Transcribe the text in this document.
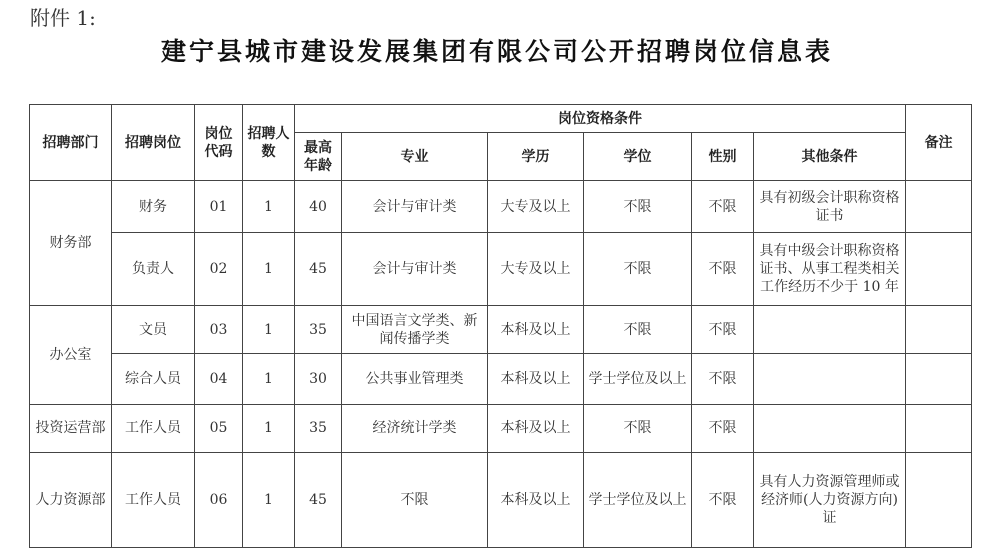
附件 1:
建宁县城市建设发展集团有限公司公开招聘岗位信息表
招聘部门	招聘岗位	岗位代码	招聘人数	岗位资格条件						备注
				最高年龄	专业	学历	学位	性别	其他条件	
财务部	财务	01	1	40	会计与审计类	大专及以上	不限	不限	具有初级会计职称资格证书	
	负责人	02	1	45	会计与审计类	大专及以上	不限	不限	具有中级会计职称资格证书、从事工程类相关工作经历不少于 10 年	
办公室	文员	03	1	35	中国语言文学类、新闻传播学类	本科及以上	不限	不限		
	综合人员	04	1	30	公共事业管理类	本科及以上	学士学位及以上	不限		
投资运营部	工作人员	05	1	35	经济统计学类	本科及以上	不限	不限		
人力资源部	工作人员	06	1	45	不限	本科及以上	学士学位及以上	不限	具有人力资源管理师或经济师(人力资源方向)证	
